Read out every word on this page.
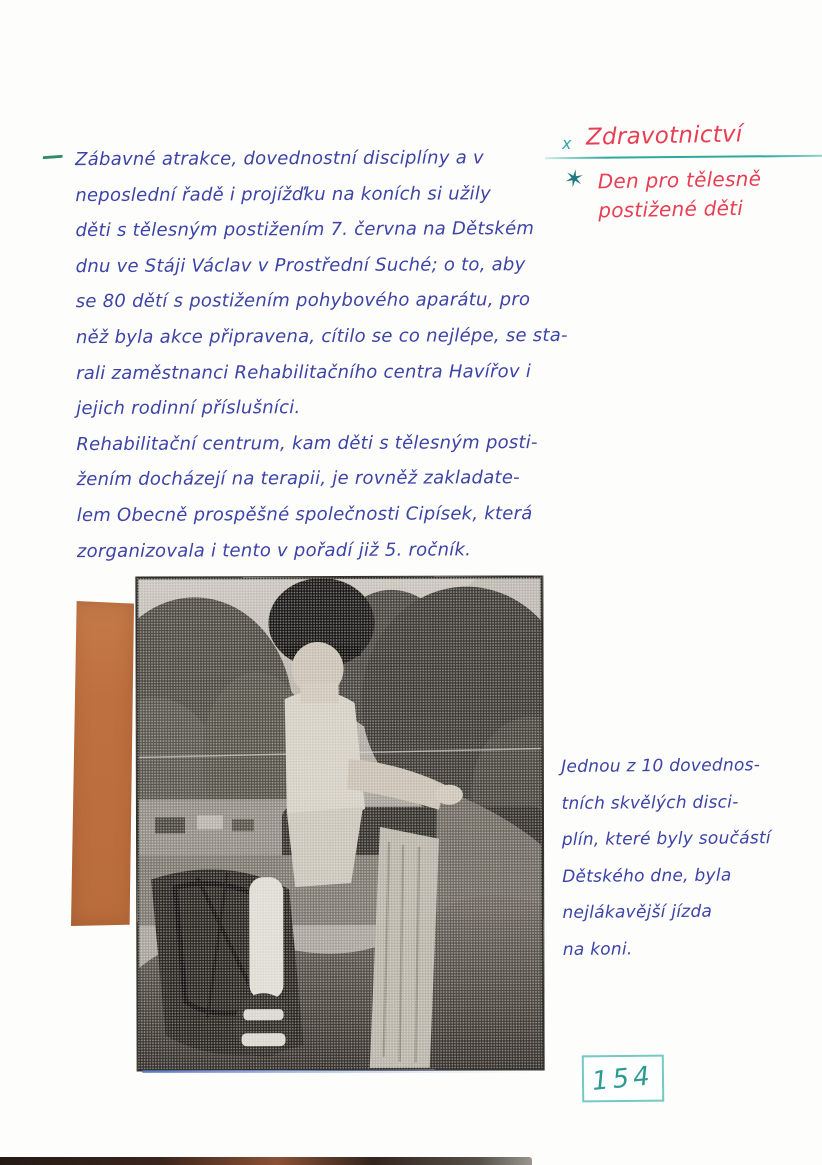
— Zábavné atrakce, dovednostní disciplíny a v
neposlední řadě i projížďku na koních si užily
děti s tělesným postižením 7. června na Dětském
dnu ve Stáji Václav v Prostřední Suché; o to, aby
se 80 dětí s postižením pohybového aparátu, pro
něž byla akce připravena, cítilo se co nejlépe, se sta-
rali zaměstnanci Rehabilitačního centra Havířov i
jejich rodinní příslušníci.
Rehabilitační centrum, kam děti s tělesným posti-
žením docházejí na terapii, je rovněž zakladate-
lem Obecně prospěšné společnosti Cipísek, která
zorganizovala i tento v pořadí již 5. ročník.
x Zdravotnictví
✶ Den pro tělesně
postižené děti
Jednou z 10 dovednos-
tních skvělých disci-
plín, které byly součástí
Dětského dne, byla
nejlákavější jízda
na koni.
154
